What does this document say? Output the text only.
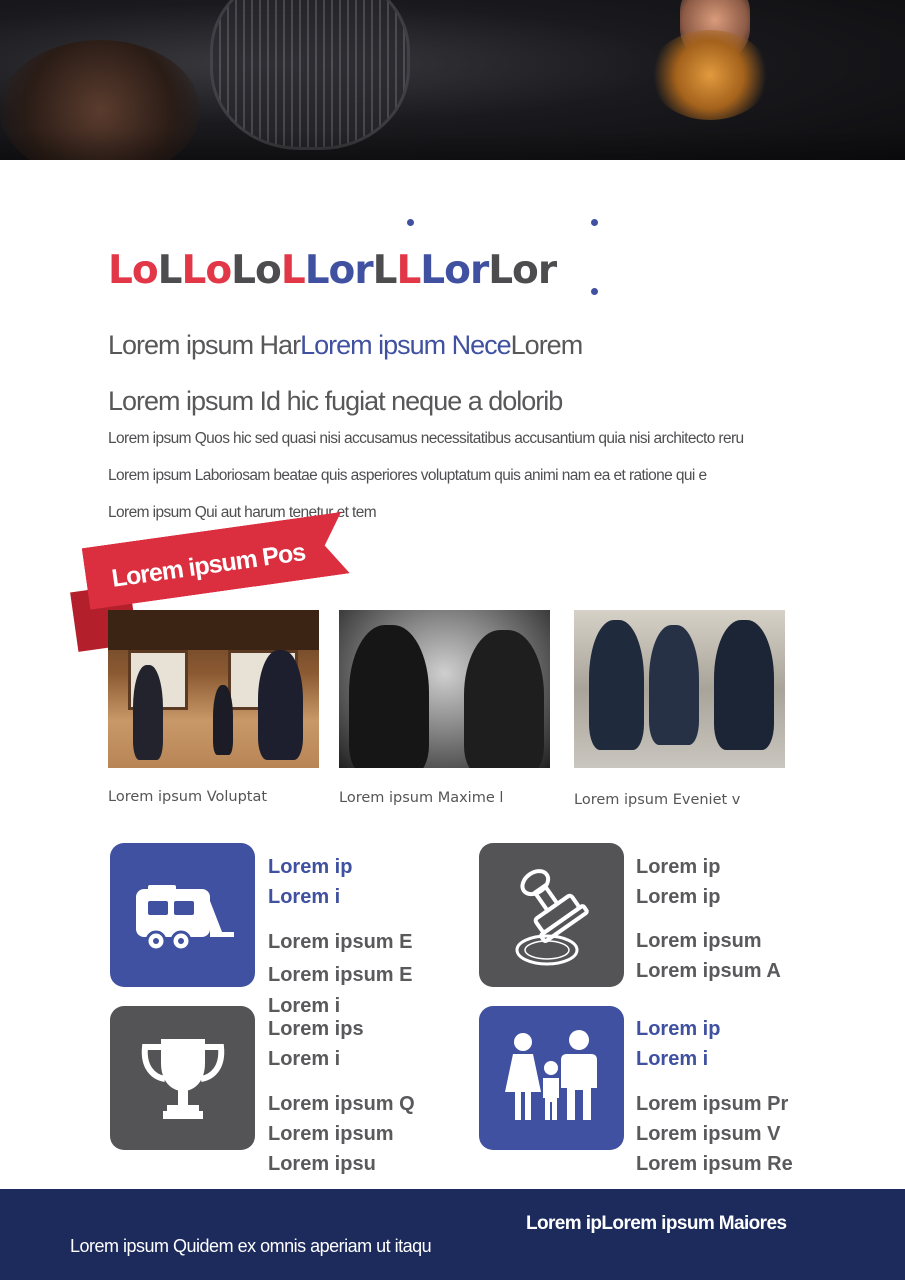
LoLLoLoLLorLLLorLor
Lorem ipsum HarLorem ipsum NeceLorem
Lorem ipsum Id hic fugiat neque a dolorib
Lorem ipsum Quos hic sed quasi nisi accusamus necessitatibus accusantium quia nisi architecto reru
Lorem ipsum Laboriosam beatae quis asperiores voluptatum quis animi nam ea et ratione qui e
Lorem ipsum Qui aut harum tenetur et tem
Lorem ipsum Pos
Lorem ipsum Voluptat	Lorem ipsum Maxime l	Lorem ipsum Eveniet v
Lorem ip
Lorem i
Lorem ipsum E
Lorem ipsum E
Lorem i
Lorem ip
Lorem ip
Lorem ipsum
Lorem ipsum A
Lorem ips
Lorem i
Lorem ipsum Q
Lorem ipsum
Lorem ipsu
Lorem ip
Lorem i
Lorem ipsum Pr
Lorem ipsum V
Lorem ipsum Re
Lorem ipLorem ipsum Maiores
Lorem ipsum Quidem ex omnis aperiam ut itaqu
